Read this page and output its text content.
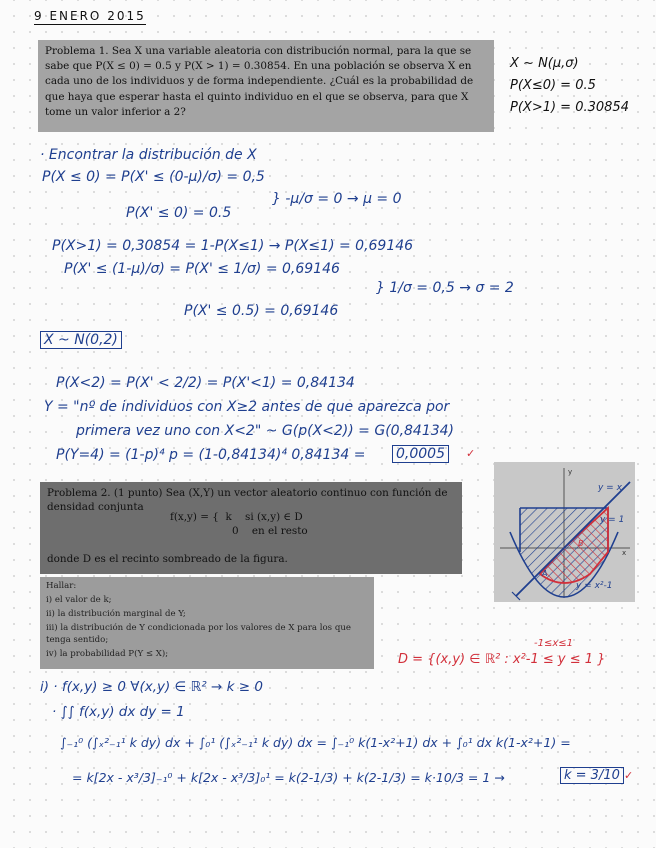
9 ENERO 2015
Problema 1. Sea X una variable aleatoria con distribución normal, para la que se sabe que P(X ≤ 0) = 0.5 y P(X > 1) = 0.30854. En una población se observa X en cada uno de los individuos y de forma independiente. ¿Cuál es la probabilidad de que haya que esperar hasta el quinto individuo en el que se observa, para que X tome un valor inferior a 2?
X ~ N(μ,σ)
P(X≤0) = 0.5
P(X>1) = 0.30854
· Encontrar la distribución de X
P(X ≤ 0) = P(X' ≤ (0-μ)/σ) = 0,5
P(X' ≤ 0) = 0.5
} -μ/σ = 0 → μ = 0
P(X>1) = 0,30854 = 1-P(X≤1) → P(X≤1) = 0,69146
P(X' ≤ (1-μ)/σ) = P(X' ≤ 1/σ) = 0,69146
} 1/σ = 0,5 → σ = 2
P(X' ≤ 0.5) = 0,69146
X ~ N(0,2)
P(X<2) = P(X' < 2/2) = P(X'<1) = 0,84134
Y = "nº de individuos con X≥2 antes de que aparezca por
primera vez uno con X<2" ~ G(p(X<2)) = G(0,84134)
P(Y=4) = (1-p)⁴ p = (1-0,84134)⁴ 0,84134 = 0,0005	✓
Problema 2. (1 punto) Sea (X,Y) un vector aleatorio continuo con función de densidad conjunta
f(x,y) = {  k    si (x,y) ∈ D
0    en el resto
donde D es el recinto sombreado de la figura.
Hallar:
i) el valor de k;
ii) la distribución marginal de Y;
iii) la distribución de Y condicionada por los valores de X para los que tenga sentido;
iv) la probabilidad P(Y ≤ X);
y
x
y = x
y = 1
y = x²-1
A
B
-1≤x≤1
D = {(x,y) ∈ ℝ² : x²-1 ≤ y ≤ 1 }
i) · f(x,y) ≥ 0 ∀(x,y) ∈ ℝ² → k ≥ 0
· ∫∫ f(x,y) dx dy = 1
∫₋₁⁰ (∫ₓ²₋₁¹ k dy) dx + ∫₀¹ (∫ₓ²₋₁¹ k dy) dx = ∫₋₁⁰ k(1-x²+1) dx + ∫₀¹ dx k(1-x²+1) =
= k[2x - x³/3]₋₁⁰ + k[2x - x³/3]₀¹ = k(2-1/3) + k(2-1/3) = k·10/3 = 1 →	k = 3/10 ✓
